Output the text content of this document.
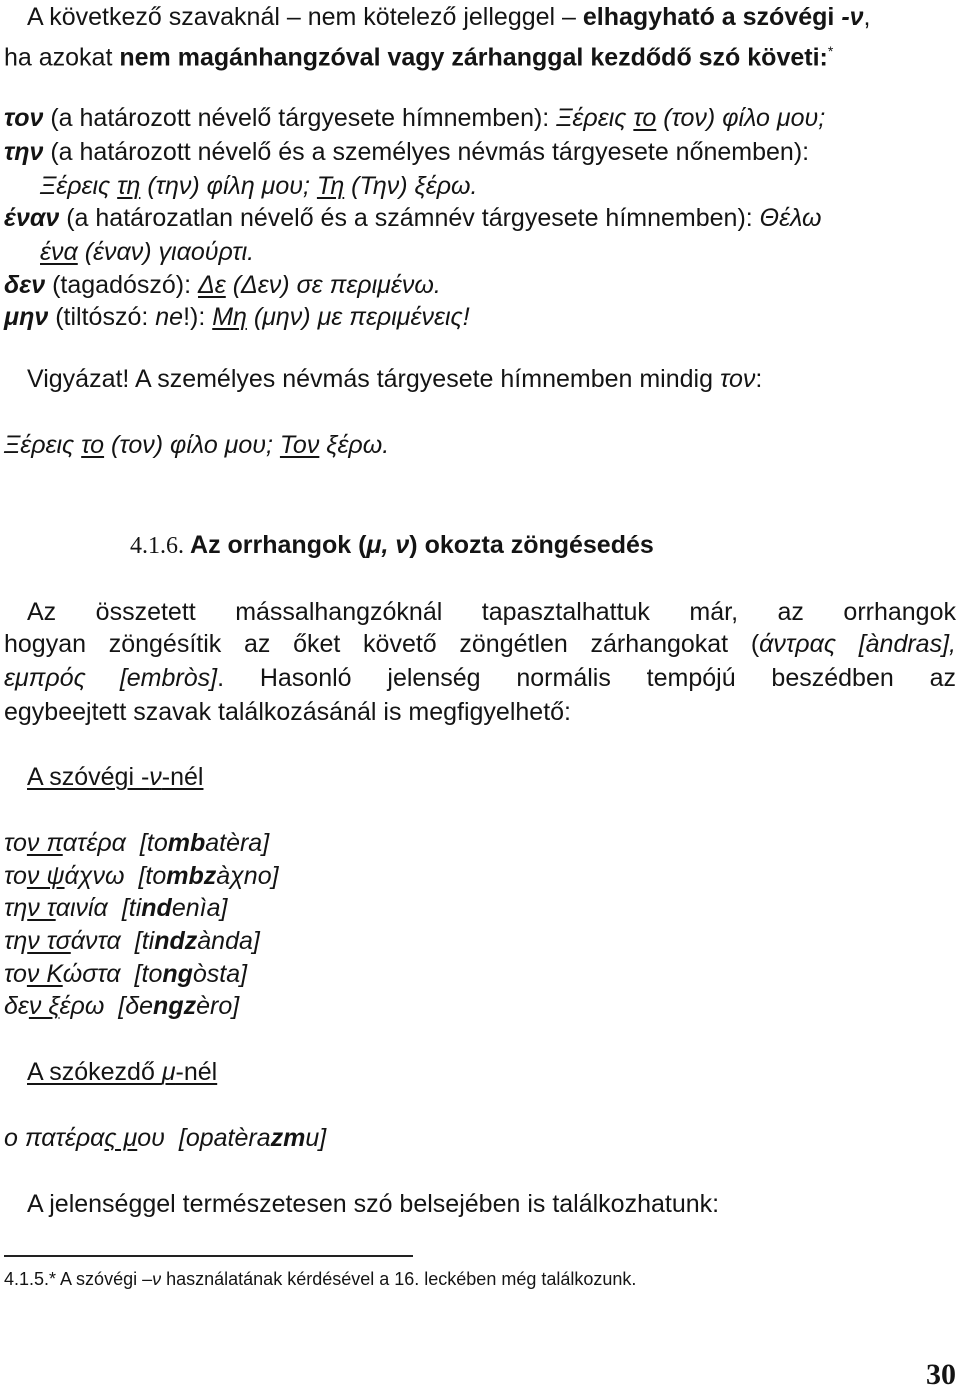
A következő szavaknál – nem kötelező jelleggel – elhagyható a szóvégi -ν,
ha azokat nem magánhangzóval vagy zárhanggal kezdődő szó követi:*
τον (a határozott névelő tárgyesete hímnemben): Ξέρεις το (τον) φίλο μου;
την (a határozott névelő és a személyes névmás tárgyesete nőnemben):
Ξέρεις τη (την) φίλη μου; Τη (Την) ξέρω.
έναν (a határozatlan névelő és a számnév tárgyesete hímnemben): Θέλω
ένα (έναν) γιαούρτι.
δεν (tagadószó): Δε (Δεν) σε περιμένω.
μην (tiltószó: ne!): Μη (μην) με περιμένεις!
Vigyázat! A személyes névmás tárgyesete hímnemben mindig τον:
Ξέρεις το (τον) φίλο μου; Τον ξέρω.
4.1.6. Az orrhangok (μ, ν) okozta zöngésedés
Az összetett mássalhangzóknál tapasztalhattuk már, az orrhangok
hogyan zöngésítik az őket követő zöngétlen zárhangokat (άντρας [àndras],
εμπρός [embròs]. Hasonló jelenség normális tempójú beszédben az
egybeejtett szavak találkozásánál is megfigyelhető:
A szóvégi -ν-nél
τον πατέρα [tombatèra]
τον ψάχνω [tombzàχno]
την ταινία [tindenìa]
την τσάντα [tindzànda]
τον Κώστα [tongòsta]
δεν ξέρω [δengzèro]
A szókezdő μ-nél
ο πατέρας μου [opatèrazmu]
A jelenséggel természetesen szó belsejében is találkozhatunk:
4.1.5.* A szóvégi –ν használatának kérdésével a 16. leckében még találkozunk.
30
